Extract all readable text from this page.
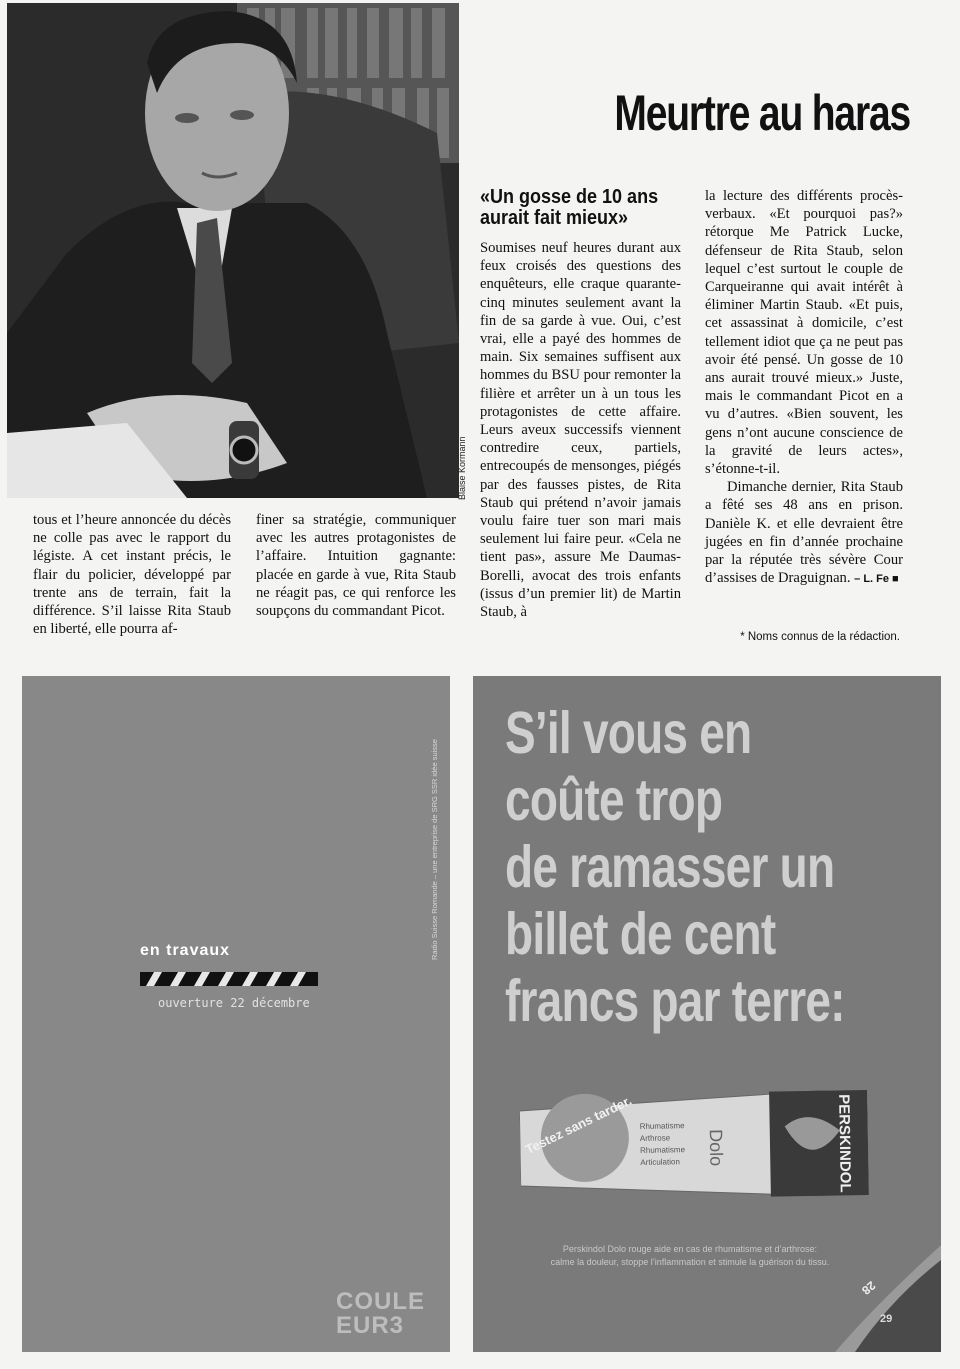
Blaise Kormann
Meurtre au haras
«Un gosse de 10 ans aurait fait mieux»

Soumises neuf heures durant aux feux croisés des questions des enquêteurs, elle craque quarante-cinq minutes seulement avant la fin de sa garde à vue. Oui, c’est vrai, elle a payé des hommes de main. Six semaines suffisent aux hommes du BSU pour remonter la filière et arrêter un à un tous les protagonistes de cette affaire. Leurs aveux successifs viennent contredire ceux, partiels, entrecoupés de mensonges, piégés par des fausses pistes, de Rita Staub qui prétend n’avoir jamais voulu faire tuer son mari mais seulement lui faire peur. «Cela ne tient pas», assure Me Daumas-Borelli, avocat des trois enfants (issus d’un premier lit) de Martin Staub, à

la lecture des différents procès-verbaux. «Et pourquoi pas?» rétorque Me Patrick Lucke, défenseur de Rita Staub, selon lequel c’est surtout le couple de Carqueiranne qui avait intérêt à éliminer Martin Staub. «Et puis, cet assassinat à domicile, c’est tellement idiot que ça ne peut pas avoir été pensé. Un gosse de 10 ans aurait trouvé mieux.» Juste, mais le commandant Picot en a vu d’autres. «Bien souvent, les gens n’ont aucune conscience de la gravité de leurs actes», s’étonne-t-il.

Dimanche dernier, Rita Staub a fêté ses 48 ans en prison. Danièle K. et elle devraient être jugées en fin d’année prochaine par la réputée très sévère Cour d’assises de Draguignan. – L. Fe ■

tous et l’heure annoncée du décès ne colle pas avec le rapport du légiste. A cet instant précis, le flair du policier, développé par trente ans de terrain, fait la différence. S’il laisse Rita Staub en liberté, elle pourra af-

finer sa stratégie, communiquer avec les autres protagonistes de l’affaire. Intuition gagnante: placée en garde à vue, Rita Staub ne réagit pas, ce qui renforce les soupçons du commandant Picot.

* Noms connus de la rédaction.
en travaux
ouverture 22 décembre
Radio Suisse Romande – une entreprise de SRG SSR idée suisse
COULE
EUR3
S’il vous en
coûte trop
de ramasser un
billet de cent
francs par terre:
Testez sans tarder.	PERSKINDOL
Dolo
Rhumatisme
Arthrose
Rhumatisme
Articulation
Perskindol Dolo rouge aide en cas de rhumatisme et d’arthrose:
calme la douleur, stoppe l’inflammation et stimule la guérison du tissu.
28
29
